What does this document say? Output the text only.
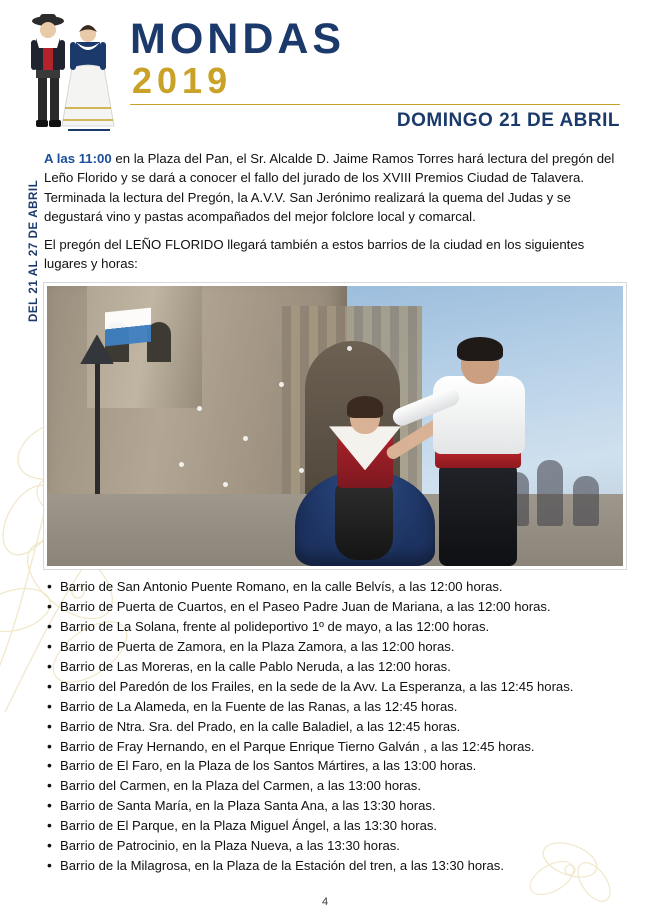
MONDAS
2019
DOMINGO 21 DE ABRIL
DEL 21 AL 27 DE ABRIL

A las 11:00 en la Plaza del Pan, el Sr. Alcalde D. Jaime Ramos Torres hará lectura del pregón del Leño Florido y se dará a conocer el fallo del jurado de los XVIII Premios Ciudad de Talavera.

Terminada la lectura del Pregón, la A.V.V. San Jerónimo realizará la quema del Judas y se degustará vino y pastas acompañados del mejor folclore local y comarcal.

El pregón del LEÑO FLORIDO llegará también a estos barrios de la ciudad en los siguientes lugares y horas:

• Barrio de San Antonio Puente Romano, en la calle Belvís, a las 12:00 horas.
• Barrio de Puerta de Cuartos, en el Paseo Padre Juan de Mariana, a las 12:00 horas.
• Barrio de La Solana, frente al polideportivo 1º de mayo, a las 12:00 horas.
• Barrio de Puerta de Zamora, en la Plaza Zamora, a las 12:00 horas.
• Barrio de Las Moreras, en la calle Pablo Neruda, a las 12:00 horas.
• Barrio del Paredón de los Frailes, en la sede de la Avv. La Esperanza, a las 12:45 horas.
• Barrio de La Alameda, en la Fuente de las Ranas, a las 12:45 horas.
• Barrio de Ntra. Sra. del Prado, en la calle Baladiel, a las 12:45 horas.
• Barrio de Fray Hernando, en el Parque Enrique Tierno Galván , a las 12:45 horas.
• Barrio de El Faro, en la Plaza de los Santos Mártires, a las 13:00 horas.
• Barrio del Carmen, en la Plaza del Carmen, a las 13:00 horas.
• Barrio de Santa María, en la Plaza Santa Ana, a las 13:30 horas.
• Barrio de El Parque, en la Plaza Miguel Ángel, a las 13:30 horas.
• Barrio de Patrocinio, en la Plaza Nueva, a las 13:30 horas.
• Barrio de la Milagrosa, en la Plaza de la Estación del tren, a las 13:30 horas.
4
